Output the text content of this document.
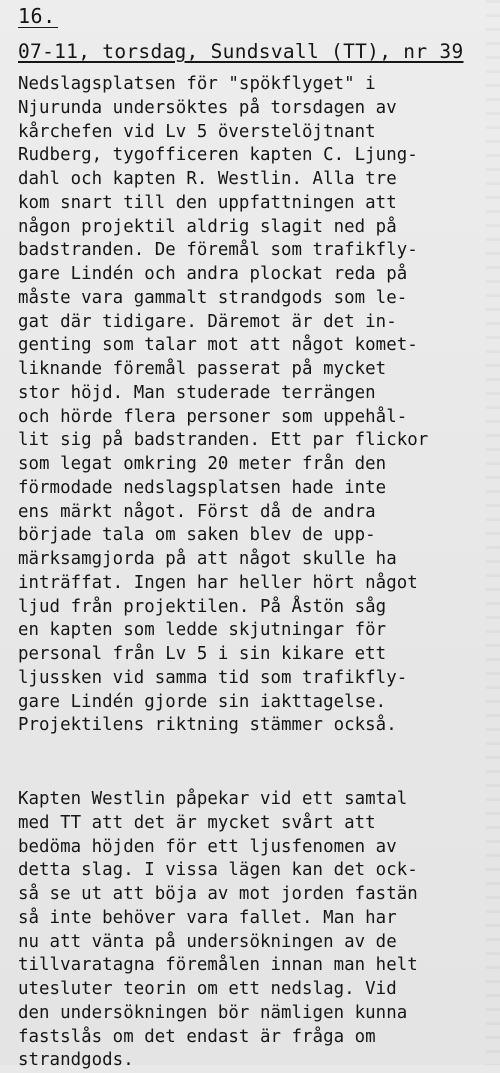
16.
07-11, torsdag, Sundsvall (TT), nr 39
Nedslagsplatsen för "spökflyget" i
Njurunda undersöktes på torsdagen av
kårchefen vid Lv 5 överstelöjtnant
Rudberg, tygofficeren kapten C. Ljung-
dahl och kapten R. Westlin. Alla tre
kom snart till den uppfattningen att
någon projektil aldrig slagit ned på
badstranden. De föremål som trafikfly-
gare Lindén och andra plockat reda på
måste vara gammalt strandgods som le-
gat där tidigare. Däremot är det in-
genting som talar mot att något komet-
liknande föremål passerat på mycket
stor höjd. Man studerade terrängen
och hörde flera personer som uppehål-
lit sig på badstranden. Ett par flickor
som legat omkring 20 meter från den
förmodade nedslagsplatsen hade inte
ens märkt något. Först då de andra
började tala om saken blev de upp-
märksamgjorda på att något skulle ha
inträffat. Ingen har heller hört något
ljud från projektilen. På Åstön såg
en kapten som ledde skjutningar för
personal från Lv 5 i sin kikare ett
ljussken vid samma tid som trafikfly-
gare Lindén gjorde sin iakttagelse.
Projektilens riktning stämmer också.
Kapten Westlin påpekar vid ett samtal
med TT att det är mycket svårt att
bedöma höjden för ett ljusfenomen av
detta slag. I vissa lägen kan det ock-
så se ut att böja av mot jorden fastän
så inte behöver vara fallet. Man har
nu att vänta på undersökningen av de
tillvaratagna föremålen innan man helt
utesluter teorin om ett nedslag. Vid
den undersökningen bör nämligen kunna
fastslås om det endast är fråga om
strandgods.
